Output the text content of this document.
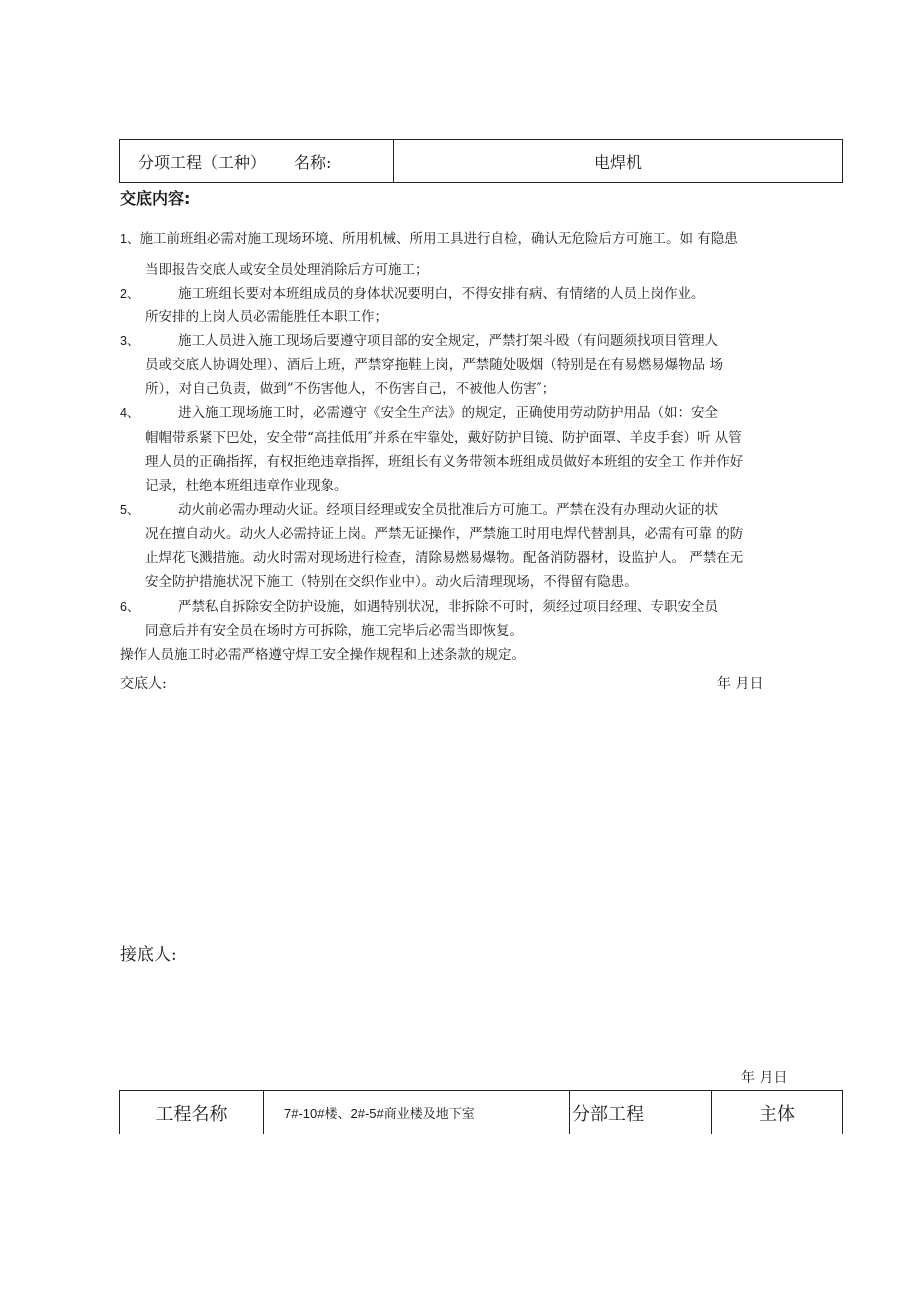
分项工程（工种） 名称:	电焊机
交底内容:
1、施工前班组必需对施工现场环境、所用机械、所用工具进行自检，确认无危险后方可施工。如 有隐患
当即报告交底人或安全员处理消除后方可施工；
2、	施工班组长要对本班组成员的身体状况要明白，不得安排有病、有情绪的人员上岗作业。
所安排的上岗人员必需能胜任本职工作；
3、	施工人员进入施工现场后要遵守项目部的安全规定，严禁打架斗殴（有问题须找项目管理人
员或交底人协调处理）、酒后上班，严禁穿拖鞋上岗，严禁随处吸烟（特别是在有易燃易爆物品 场
所），对自己负责，做到”不伤害他人，不伤害自己，不被他人伤害″；
4、	进入施工现场施工时，必需遵守《安全生产法》的规定，正确使用劳动防护用品（如：安全
帽帽带系紧下巴处，安全带“高挂低用″并系在牢靠处，戴好防护目镜、防护面罩、羊皮手套）听 从管
理人员的正确指挥，有权拒绝违章指挥，班组长有义务带领本班组成员做好本班组的安全工 作并作好
记录，杜绝本班组违章作业现象。
5、	动火前必需办理动火证。经项目经理或安全员批准后方可施工。严禁在没有办理动火证的状
况在擅自动火。动火人必需持证上岗。严禁无证操作，严禁施工时用电焊代替割具，必需有可靠 的防
止焊花飞溅措施。动火时需对现场进行检查，清除易燃易爆物。配备消防器材，设监护人。 严禁在无
安全防护措施状况下施工（特别在交织作业中）。动火后清理现场，不得留有隐患。
6、	严禁私自拆除安全防护设施，如遇特别状况，非拆除不可时，须经过项目经理、专职安全员
同意后并有安全员在场时方可拆除，施工完毕后必需当即恢复。
操作人员施工时必需严格遵守焊工安全操作规程和上述条款的规定。
交底人:	年 月日
接底人:
年 月日
工程名称	7#-10#楼、2#-5#商业楼及地下室	分部工程	主体
